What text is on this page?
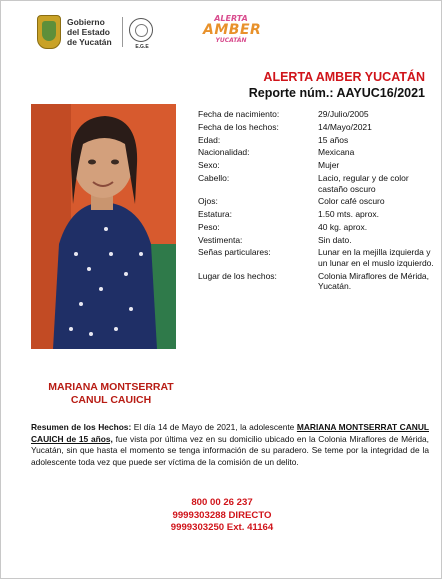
Gobierno
del Estado
de Yucatán	E.G.E
ALERTA
AMBER
YUCATÁN
ALERTA AMBER YUCATÁN
Reporte núm.: AAYUC16/2021
MARIANA MONTSERRAT
CANUL CAUICH
Fecha de nacimiento:	29/Julio/2005
Fecha de los hechos:	14/Mayo/2021
Edad:	15 años
Nacionalidad:	Mexicana
Sexo:	Mujer
Cabello:	Lacio, regular y de color castaño oscuro
Ojos:	Color café oscuro
Estatura:	1.50 mts. aprox.
Peso:	40 kg. aprox.
Vestimenta:	Sin dato.
Señas particulares:	Lunar en la mejilla izquierda y un lunar en el muslo izquierdo.
Lugar de los hechos:	Colonia Miraflores de Mérida, Yucatán.
Resumen de los Hechos: El día 14 de Mayo de 2021, la adolescente MARIANA MONTSERRAT CANUL CAUICH de 15 años, fue vista por última vez en su domicilio ubicado en la Colonia Miraflores de Mérida, Yucatán, sin que hasta el momento se tenga información de su paradero. Se teme por la integridad de la adolescente toda vez que puede ser víctima de la comisión de un delito.
800 00 26 237
9999303288 DIRECTO
9999303250 Ext. 41164
